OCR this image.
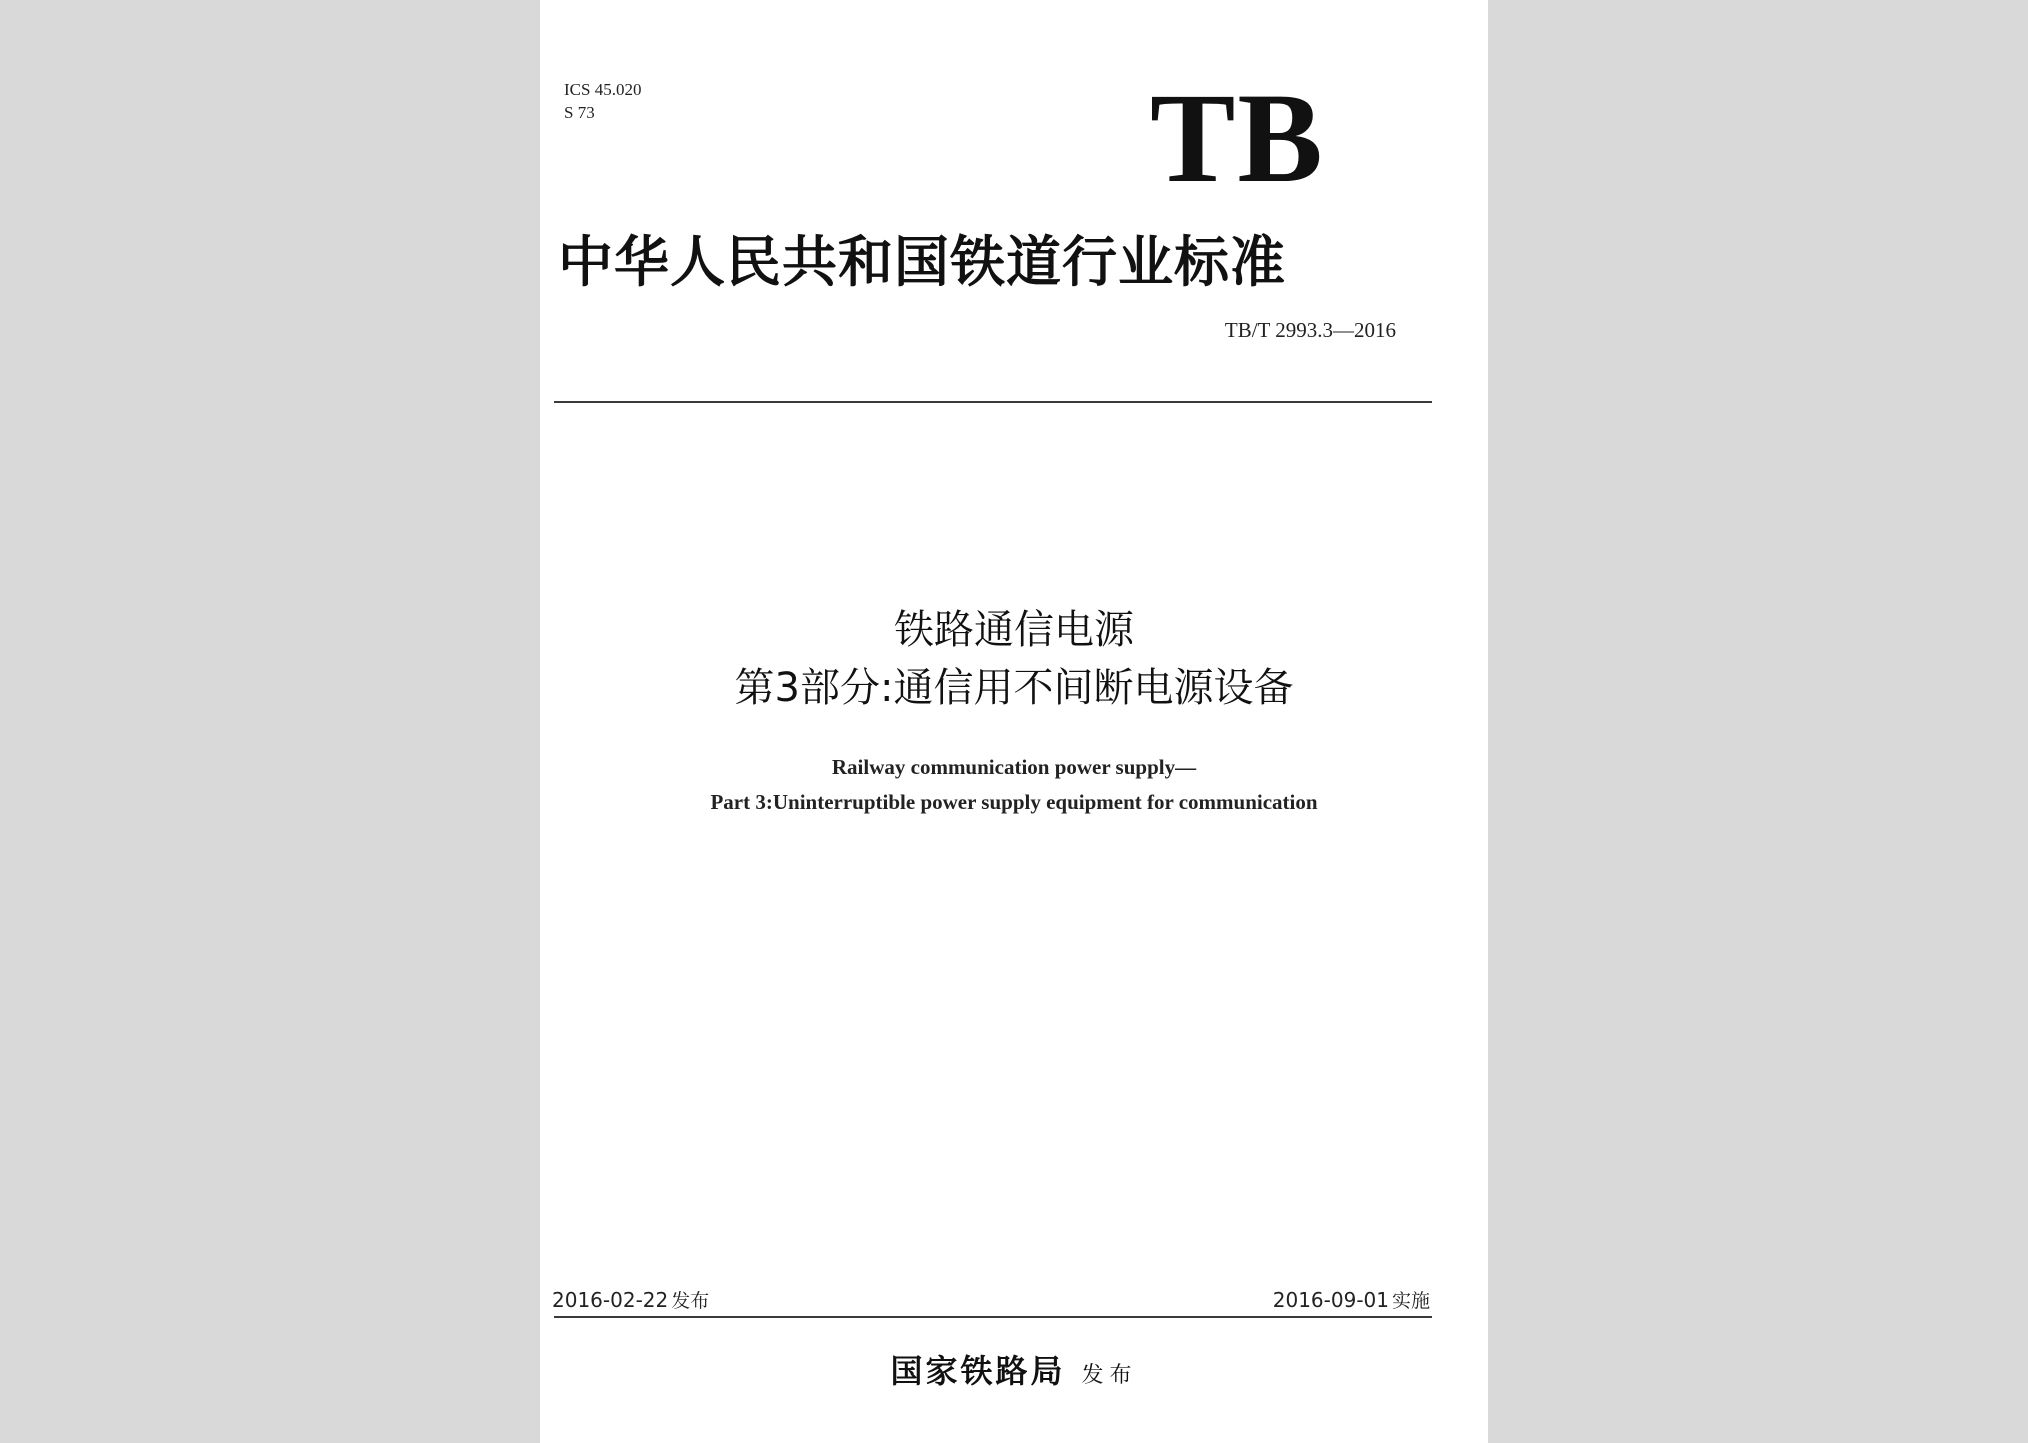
ICS 45.020
S 73	TB
中华人民共和国铁道行业标准
TB/T 2993.3—2016
铁路通信电源
第3部分:通信用不间断电源设备
Railway communication power supply—
Part 3:Uninterruptible power supply equipment for communication
2016-02-22 发布	2016-09-01 实施
国家铁路局 发布
